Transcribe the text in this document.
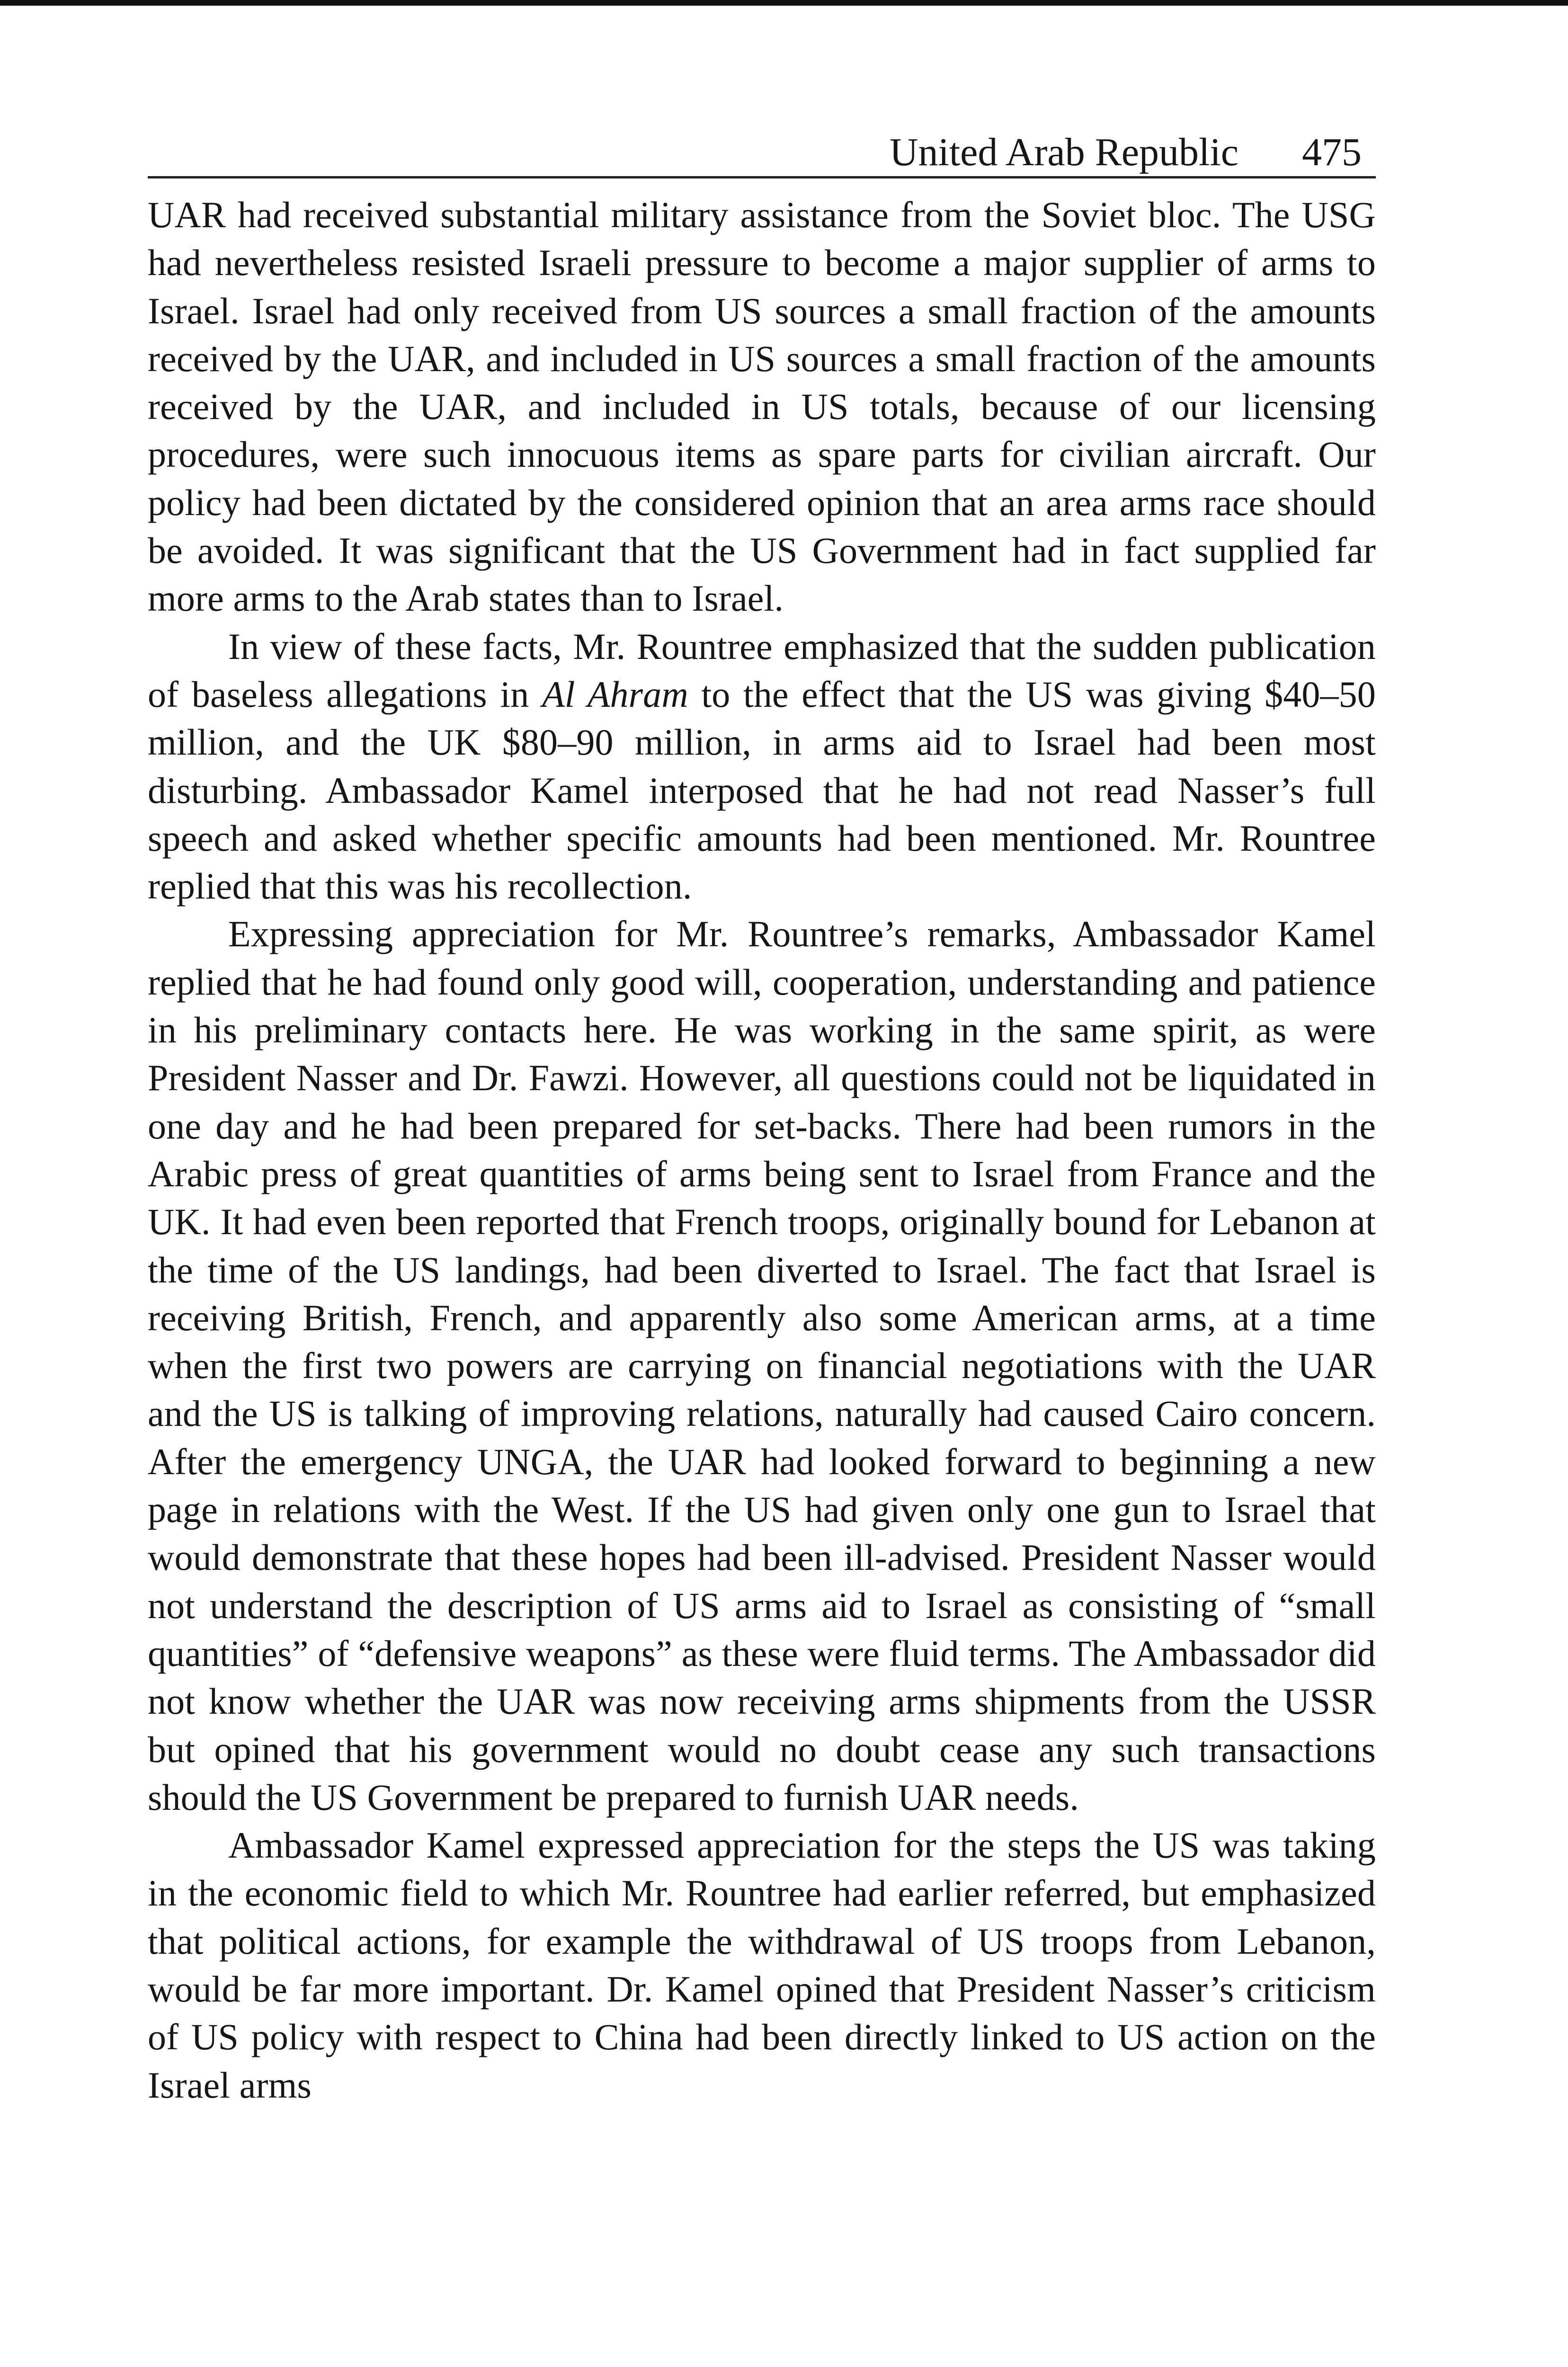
United Arab Republic 475

UAR had received substantial military assistance from the Soviet bloc. The USG had nevertheless resisted Israeli pressure to become a major supplier of arms to Israel. Israel had only received from US sources a small fraction of the amounts received by the UAR, and included in US sources a small fraction of the amounts received by the UAR, and included in US totals, because of our licensing procedures, were such innocuous items as spare parts for civilian aircraft. Our policy had been dictated by the considered opinion that an area arms race should be avoided. It was significant that the US Government had in fact supplied far more arms to the Arab states than to Israel.

In view of these facts, Mr. Rountree emphasized that the sudden publication of baseless allegations in Al Ahram to the effect that the US was giving $40–50 million, and the UK $80–90 million, in arms aid to Israel had been most disturbing. Ambassador Kamel interposed that he had not read Nasser’s full speech and asked whether specific amounts had been mentioned. Mr. Rountree replied that this was his recollection.

Expressing appreciation for Mr. Rountree’s remarks, Ambassador Kamel replied that he had found only good will, cooperation, understanding and patience in his preliminary contacts here. He was working in the same spirit, as were President Nasser and Dr. Fawzi. However, all questions could not be liquidated in one day and he had been prepared for set-backs. There had been rumors in the Arabic press of great quantities of arms being sent to Israel from France and the UK. It had even been reported that French troops, originally bound for Lebanon at the time of the US landings, had been diverted to Israel. The fact that Israel is receiving British, French, and apparently also some American arms, at a time when the first two powers are carrying on financial negotiations with the UAR and the US is talking of improving relations, naturally had caused Cairo concern. After the emergency UNGA, the UAR had looked forward to beginning a new page in relations with the West. If the US had given only one gun to Israel that would demonstrate that these hopes had been ill-advised. President Nasser would not understand the description of US arms aid to Israel as consisting of “small quantities” of “defensive weapons” as these were fluid terms. The Ambassador did not know whether the UAR was now receiving arms shipments from the USSR but opined that his government would no doubt cease any such transactions should the US Government be prepared to furnish UAR needs.

Ambassador Kamel expressed appreciation for the steps the US was taking in the economic field to which Mr. Rountree had earlier referred, but emphasized that political actions, for example the withdrawal of US troops from Lebanon, would be far more important. Dr. Kamel opined that President Nasser’s criticism of US policy with respect to China had been directly linked to US action on the Israel arms
